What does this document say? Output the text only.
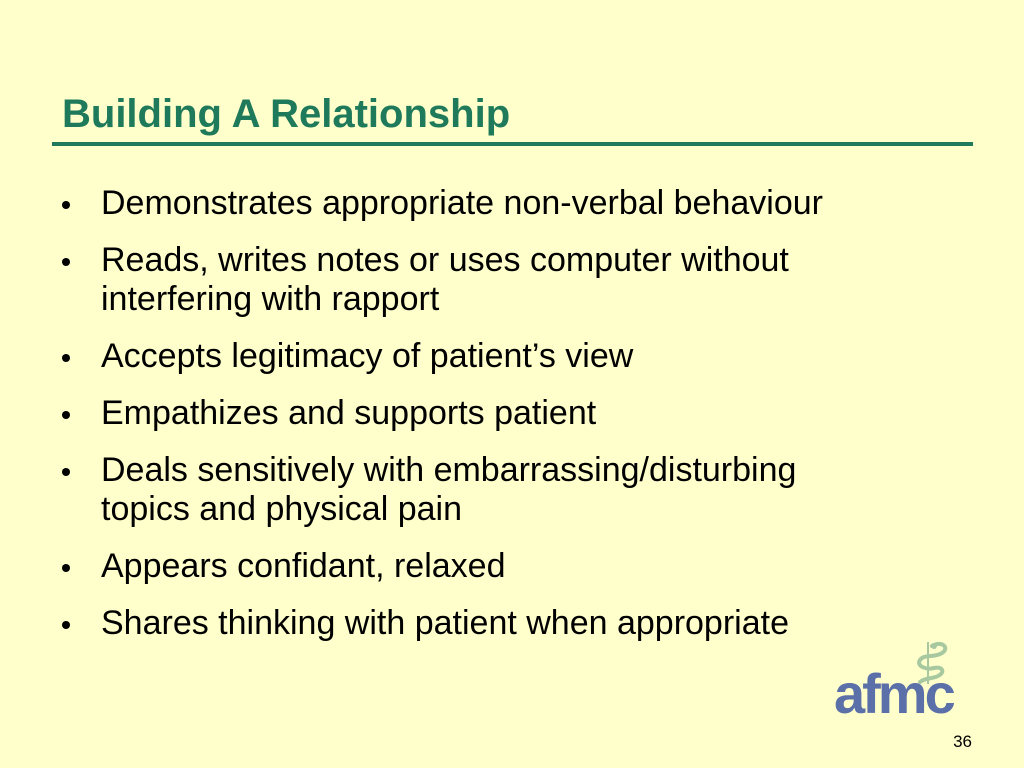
Building A Relationship
Demonstrates appropriate non-verbal behaviour
Reads, writes notes or uses computer without
interfering with rapport
Accepts legitimacy of patient’s view
Empathizes and supports patient
Deals sensitively with embarrassing/disturbing
topics and physical pain
Appears confidant, relaxed
Shares thinking with patient when appropriate
afmc
36
